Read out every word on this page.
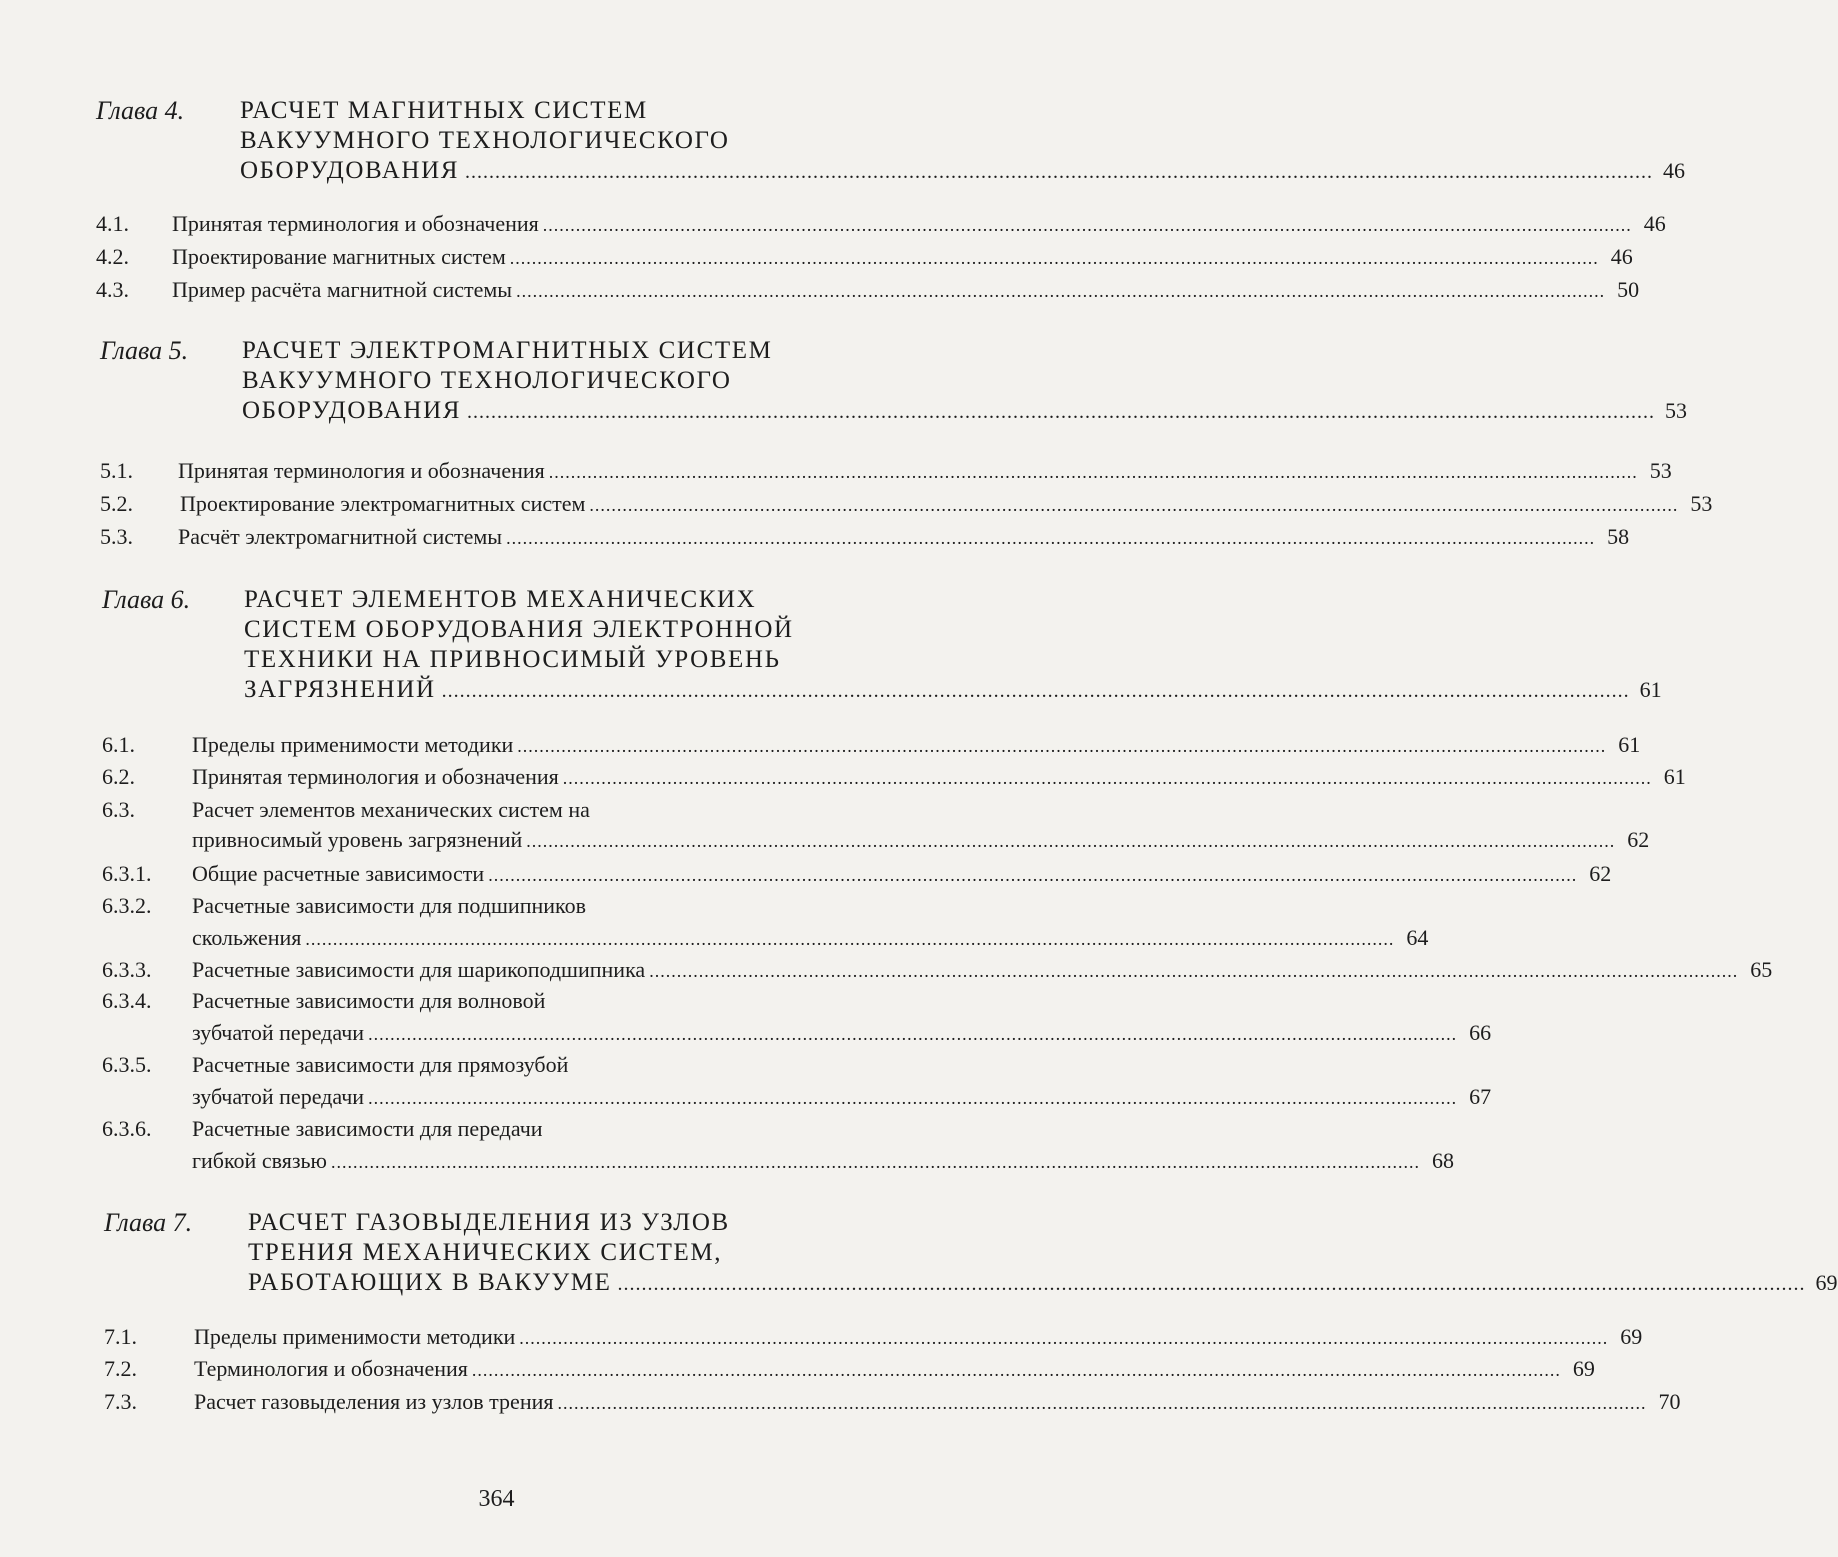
Глава 4. РАСЧЕТ МАГНИТНЫХ СИСТЕМ
ВАКУУМНОГО ТЕХНОЛОГИЧЕСКОГО
ОБОРУДОВАНИЯ .....	46
4.1.	Принятая терминология и обозначения .....	46
4.2.	Проектирование магнитных систем .....	46
4.3.	Пример расчёта магнитной системы .....	50
Глава 5. РАСЧЕТ ЭЛЕКТРОМАГНИТНЫХ СИСТЕМ
ВАКУУМНОГО ТЕХНОЛОГИЧЕСКОГО
ОБОРУДОВАНИЯ .....	53
5.1.	Принятая терминология и обозначения .....	53
5.2.	Проектирование электромагнитных систем .....	53
5.3.	Расчёт электромагнитной системы .....	58
Глава 6. РАСЧЕТ ЭЛЕМЕНТОВ МЕХАНИЧЕСКИХ
СИСТЕМ ОБОРУДОВАНИЯ ЭЛЕКТРОННОЙ
ТЕХНИКИ НА ПРИВНОСИМЫЙ УРОВЕНЬ
ЗАГРЯЗНЕНИЙ .....	61
6.1.	Пределы применимости методики .....	61
6.2.	Принятая терминология и обозначения .....	61
6.3.	Расчет элементов механических систем на
привносимый уровень загрязнений .....	62
6.3.1.	Общие расчетные зависимости .....	62
6.3.2.	Расчетные зависимости для подшипников
скольжения .....	64
6.3.3.	Расчетные зависимости для шарикоподшипника .....	65
6.3.4.	Расчетные зависимости для волновой
зубчатой передачи .....	66
6.3.5.	Расчетные зависимости для прямозубой
зубчатой передачи .....	67
6.3.6.	Расчетные зависимости для передачи
гибкой связью .....	68
Глава 7. РАСЧЕТ ГАЗОВЫДЕЛЕНИЯ ИЗ УЗЛОВ
ТРЕНИЯ МЕХАНИЧЕСКИХ СИСТЕМ,
РАБОТАЮЩИХ В ВАКУУМЕ .....	69
7.1.	Пределы применимости методики .....	69
7.2.	Терминология и обозначения .....	69
7.3.	Расчет газовыделения из узлов трения .....	70
364
